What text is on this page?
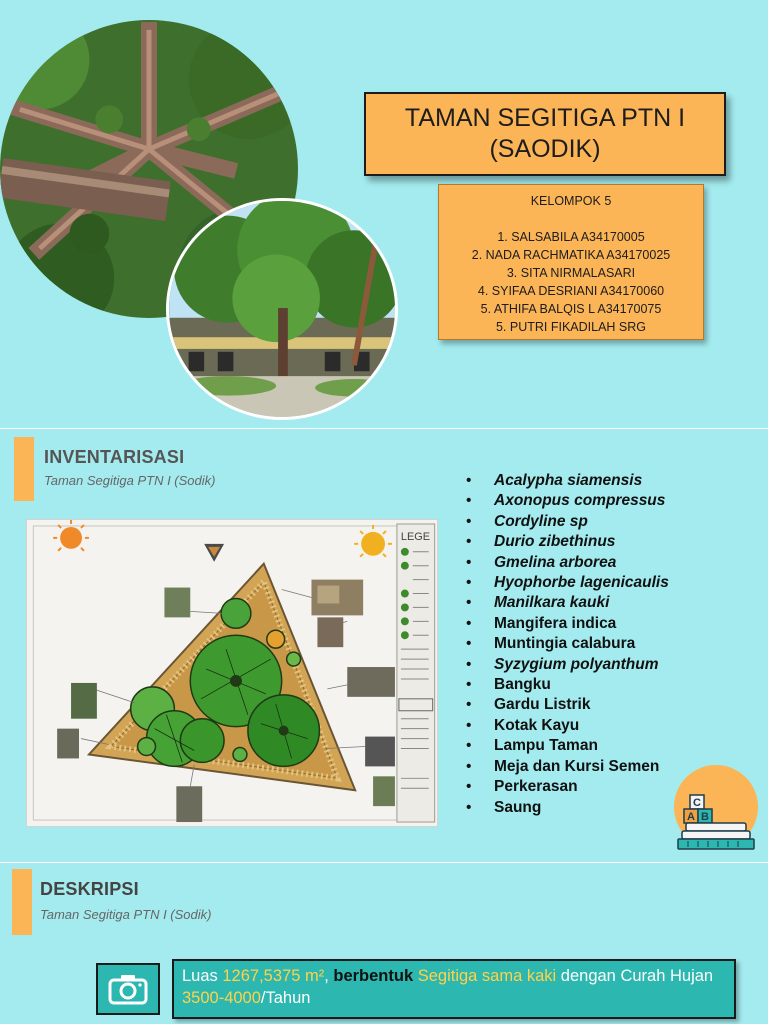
TAMAN SEGITIGA PTN I (SAODIK)
KELOMPOK 5
1. SALSABILA A34170005
2. NADA RACHMATIKA A34170025
3. SITA NIRMALASARI
4. SYIFAA DESRIANI A34170060
5. ATHIFA BALQIS L A34170075
5. PUTRI FIKADILAH SRG
INVENTARISASI
Taman Segitiga PTN I (Sodik)
LEGE
• Acalypha siamensis
• Axonopus compressus
• Cordyline sp
• Durio zibethinus
• Gmelina arborea
• Hyophorbe lagenicaulis
• Manilkara kauki
• Mangifera indica
• Muntingia calabura
• Syzygium polyanthum
• Bangku
• Gardu Listrik
• Kotak Kayu
• Lampu Taman
• Meja dan Kursi Semen
• Perkerasan
• Saung	C
A B
DESKRIPSI
Taman Segitiga PTN I (Sodik)
Luas 1267,5375 m², berbentuk Segitiga sama kaki dengan Curah Hujan 3500-4000/Tahun
